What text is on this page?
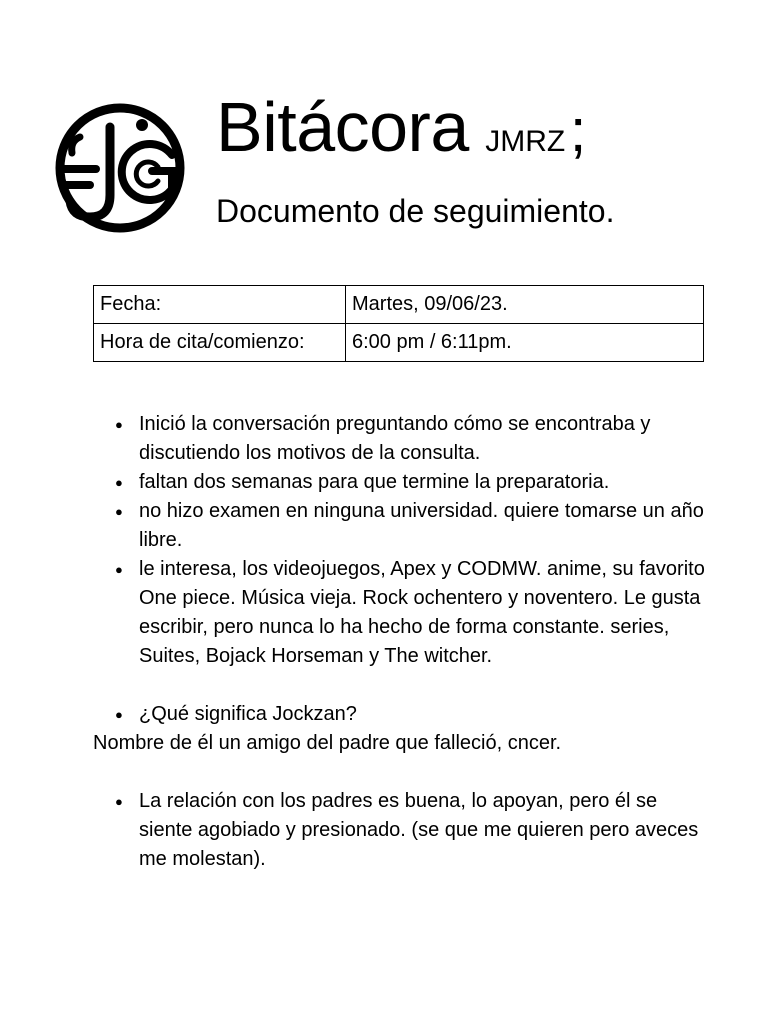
Bitácora JMRZ ;
Documento de seguimiento.
Fecha:	Martes, 09/06/23.
Hora de cita/comienzo:	6:00 pm / 6:11pm.
● Inició la conversación preguntando cómo se encontraba y discutiendo los motivos de la consulta.
● faltan dos semanas para que termine la preparatoria.
● no hizo examen en ninguna universidad. quiere tomarse un año libre.
● le interesa, los videojuegos, Apex y CODMW. anime, su favorito One piece. Música vieja. Rock ochentero y noventero. Le gusta escribir, pero nunca lo ha hecho de forma constante. series, Suites, Bojack Horseman y The witcher.
● ¿Qué significa Jockzan?

Nombre de él un amigo del padre que falleció, cncer.

● La relación con los padres es buena, lo apoyan, pero él se siente agobiado y presionado. (se que me quieren pero aveces me molestan).
